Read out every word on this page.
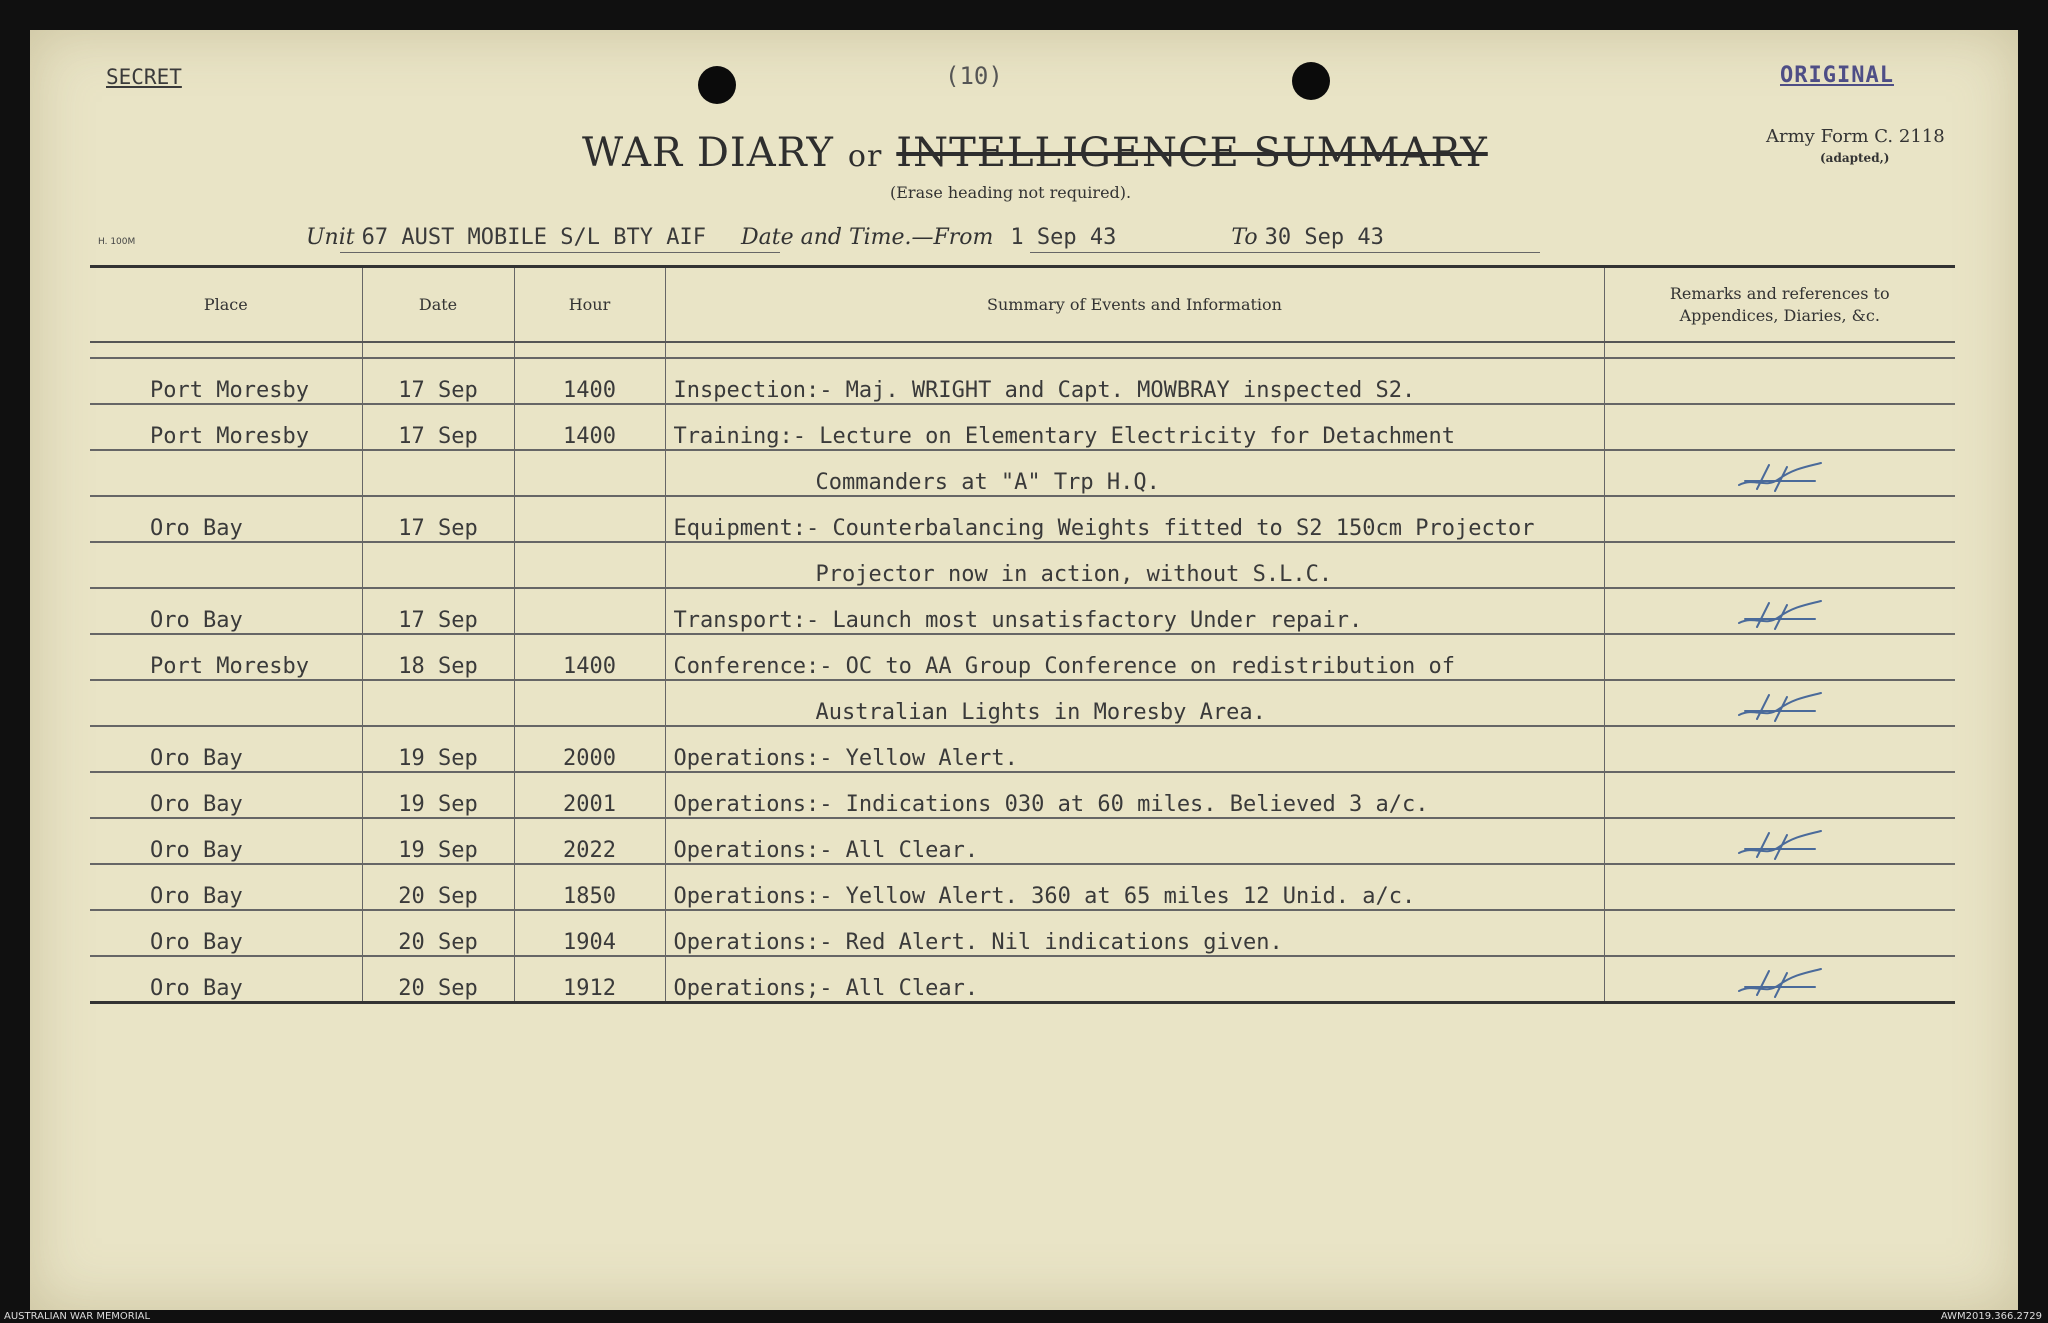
SECRET	(10)	ORIGINAL
WAR DIARY or INTELLIGENCE SUMMARY
(Erase heading not required).
Army Form C. 2118
(adapted,)
H. 100M	Unit 67 AUST MOBILE S/L BTY AIF Date and Time.—From 1 Sep 43	To 30 Sep 43
Place	Date	Hour	Summary of Events and Information	Remarks and references to Appendices, Diaries, &c.

Port Moresby	17 Sep	1400	Inspection:- Maj. WRIGHT and Capt. MOWBRAY inspected S2.	
Port Moresby	17 Sep	1400	Training:- Lecture on Elementary Electricity for Detachment	
			Commanders at "A" Trp H.Q.	
Oro Bay	17 Sep		Equipment:- Counterbalancing Weights fitted to S2 150cm Projector	
			Projector now in action, without S.L.C.	
Oro Bay	17 Sep		Transport:- Launch most unsatisfactory Under repair.	
Port Moresby	18 Sep	1400	Conference:- OC to AA Group Conference on redistribution of	
			Australian Lights in Moresby Area.	
Oro Bay	19 Sep	2000	Operations:- Yellow Alert.	
Oro Bay	19 Sep	2001	Operations:- Indications 030 at 60 miles. Believed 3 a/c.	
Oro Bay	19 Sep	2022	Operations:- All Clear.	
Oro Bay	20 Sep	1850	Operations:- Yellow Alert. 360 at 65 miles 12 Unid. a/c.	
Oro Bay	20 Sep	1904	Operations:- Red Alert. Nil indications given.	
Oro Bay	20 Sep	1912	Operations;- All Clear.	
AUSTRALIAN WAR MEMORIAL	AWM2019.366.2729
